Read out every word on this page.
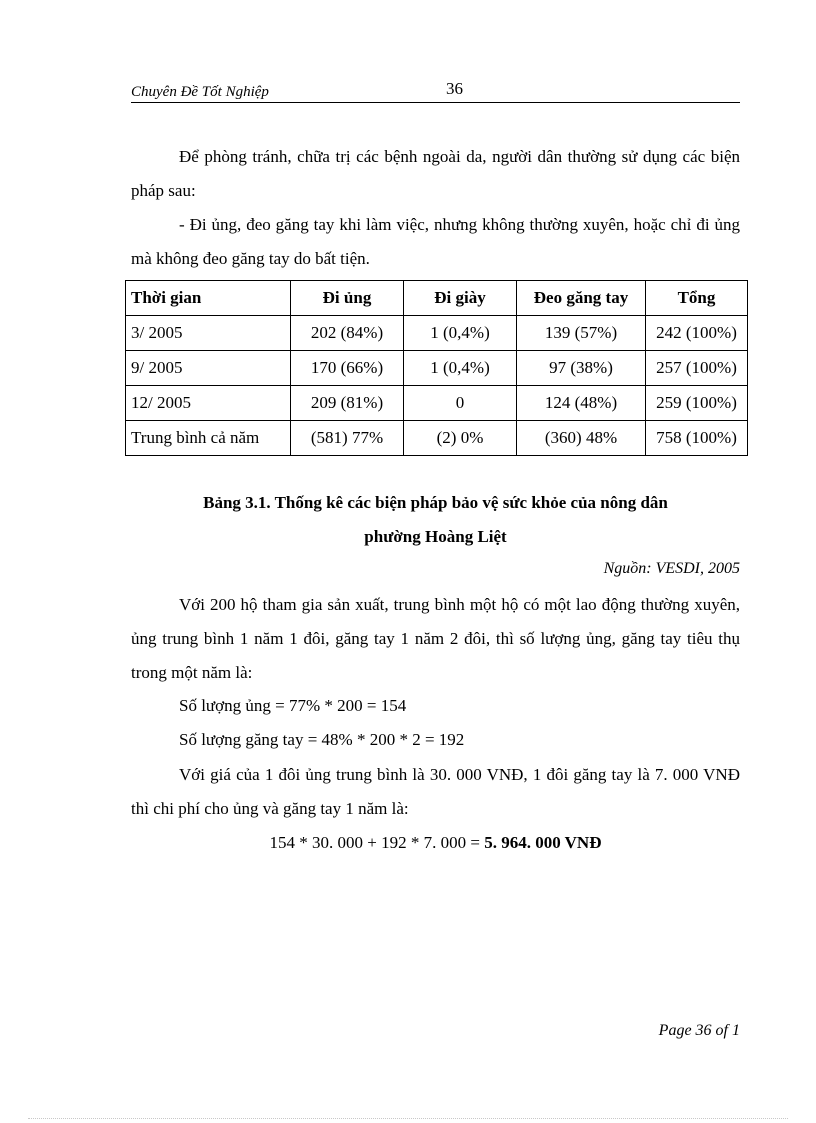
Chuyên Đề Tốt Nghiệp	36
Để phòng tránh, chữa trị các bệnh ngoài da, người dân thường sử dụng các biện pháp sau:
- Đi ủng, đeo găng tay khi làm việc, nhưng không thường xuyên, hoặc chỉ đi ủng mà không đeo găng tay do bất tiện.
Thời gian	Đi ủng	Đi giày	Đeo găng tay	Tổng
3/ 2005	202 (84%)	1 (0,4%)	139 (57%)	242 (100%)
9/ 2005	170 (66%)	1 (0,4%)	97 (38%)	257 (100%)
12/ 2005	209 (81%)	0	124 (48%)	259 (100%)
Trung bình cả năm	(581) 77%	(2) 0%	(360) 48%	758 (100%)
Bảng 3.1. Thống kê các biện pháp bảo vệ sức khỏe của nông dân
phường Hoàng Liệt
Nguồn: VESDI, 2005
Với 200 hộ tham gia sản xuất, trung bình một hộ có một lao động thường xuyên, ủng trung bình 1 năm 1 đôi, găng tay 1 năm 2 đôi, thì số lượng ủng, găng tay tiêu thụ trong một năm là:
Số lượng ủng = 77% * 200 = 154
Số lượng găng tay = 48% * 200 * 2 = 192
Với giá của 1 đôi ủng trung bình là 30. 000 VNĐ, 1 đôi găng tay là 7. 000 VNĐ thì chi phí cho ủng và găng tay 1 năm là:
154 * 30. 000 + 192 * 7. 000 = 5. 964. 000 VNĐ
Page 36 of 1
